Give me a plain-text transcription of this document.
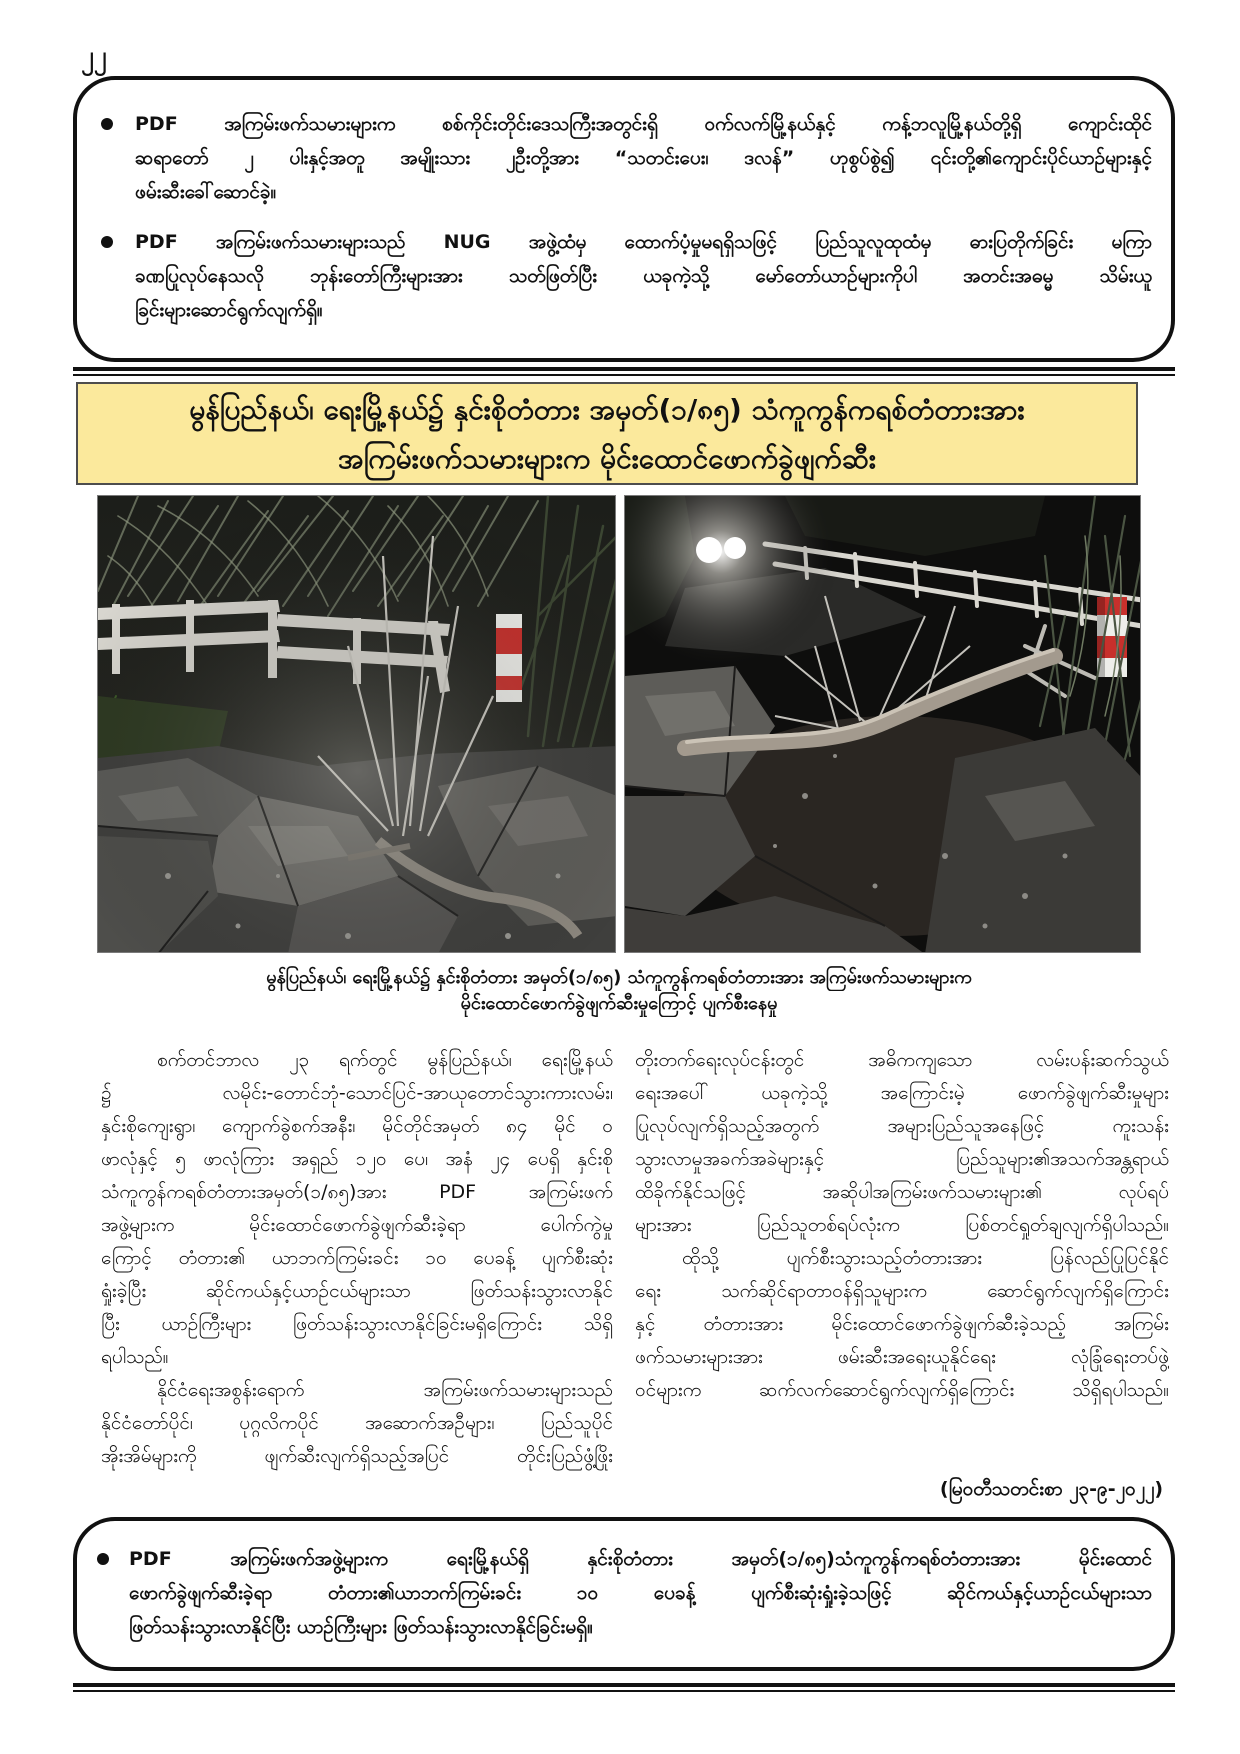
၂၂
PDF အကြမ်းဖက်သမားများက စစ်ကိုင်းတိုင်းဒေသကြီးအတွင်းရှိ ဝက်လက်မြို့နယ်နှင့် ကန့်ဘလူမြို့နယ်တို့ရှိ ကျောင်းထိုင်
ဆရာတော် ၂ ပါးနှင့်အတူ အမျိုးသား ၂ဦးတို့အား “သတင်းပေး၊ ဒလန်” ဟုစွပ်စွဲ၍ ၎င်းတို့၏ကျောင်းပိုင်ယာဉ်များနှင့်
ဖမ်းဆီးခေါ်ဆောင်ခဲ့။
PDF အကြမ်းဖက်သမားများသည် NUG အဖွဲ့ထံမှ ထောက်ပံ့မှုမရရှိသဖြင့် ပြည်သူလူထုထံမှ ဓားပြတိုက်ခြင်း မကြာ
ခဏပြုလုပ်နေသလို ဘုန်းတော်ကြီးများအား သတ်ဖြတ်ပြီး ယခုကဲ့သို့ မော်တော်ယာဉ်များကိုပါ အတင်းအဓမ္မ သိမ်းယူ
ခြင်းများဆောင်ရွက်လျက်ရှိ။
မွန်ပြည်နယ်၊ ရေးမြို့နယ်၌ နှင်းစိုတံတား အမှတ်(၁/၈၅) သံကူကွန်ကရစ်တံတားအား
အကြမ်းဖက်သမားများက မိုင်းထောင်ဖောက်ခွဲဖျက်ဆီး
မွန်ပြည်နယ်၊ ရေးမြို့နယ်၌ နှင်းစိုတံတား အမှတ်(၁/၈၅) သံကူကွန်ကရစ်တံတားအား အကြမ်းဖက်သမားများက
မိုင်းထောင်ဖောက်ခွဲဖျက်ဆီးမှုကြောင့် ပျက်စီးနေမှု
စက်တင်ဘာလ ၂၃ ရက်တွင် မွန်ပြည်နယ်၊ ရေးမြို့နယ်
၌ လမိုင်း-တောင်ဘုံ-သောင်ပြင်-အာယုတောင်သွားကားလမ်း၊
နှင်းစိုကျေးရွာ၊ ကျောက်ခွဲစက်အနီး၊ မိုင်တိုင်အမှတ် ၈၄ မိုင် ၀
ဖာလုံနှင့် ၅ ဖာလုံကြား အရှည် ၁၂၀ ပေ၊ အနံ ၂၄ ပေရှိ နှင်းစို
သံကူကွန်ကရစ်တံတားအမှတ်(၁/၈၅)အား PDF အကြမ်းဖက်
အဖွဲ့များက မိုင်းထောင်ဖောက်ခွဲဖျက်ဆီးခဲ့ရာ ပေါက်ကွဲမှု
ကြောင့် တံတား၏ ယာဘက်ကြမ်းခင်း ၁၀ ပေခန့် ပျက်စီးဆုံး
ရှုံးခဲ့ပြီး ဆိုင်ကယ်နှင့်ယာဉ်ငယ်များသာ ဖြတ်သန်းသွားလာနိုင်
ပြီး ယာဉ်ကြီးများ ဖြတ်သန်းသွားလာနိုင်ခြင်းမရှိကြောင်း သိရှိ
ရပါသည်။
နိုင်ငံရေးအစွန်းရောက် အကြမ်းဖက်သမားများသည်
နိုင်ငံတော်ပိုင်၊ ပုဂ္ဂလိကပိုင် အဆောက်အဦများ၊ ပြည်သူပိုင်
အိုးအိမ်များကို ဖျက်ဆီးလျက်ရှိသည့်အပြင် တိုင်းပြည်ဖွံ့ဖြိုး
တိုးတက်ရေးလုပ်ငန်းတွင် အဓိကကျသော လမ်းပန်းဆက်သွယ်
ရေးအပေါ် ယခုကဲ့သို့ အကြောင်းမဲ့ ဖောက်ခွဲဖျက်ဆီးမှုများ
ပြုလုပ်လျက်ရှိသည့်အတွက် အများပြည်သူအနေဖြင့် ကူးသန်း
သွားလာမှုအခက်အခဲများနှင့် ပြည်သူများ၏အသက်အန္တရာယ်
ထိခိုက်နိုင်သဖြင့် အဆိုပါအကြမ်းဖက်သမားများ၏ လုပ်ရပ်
များအား ပြည်သူတစ်ရပ်လုံးက ပြစ်တင်ရှုတ်ချလျက်ရှိပါသည်။
ထိုသို့ ပျက်စီးသွားသည့်တံတားအား ပြန်လည်ပြုပြင်နိုင်
ရေး သက်ဆိုင်ရာတာဝန်ရှိသူများက ဆောင်ရွက်လျက်ရှိကြောင်း
နှင့် တံတားအား မိုင်းထောင်ဖောက်ခွဲဖျက်ဆီးခဲ့သည့် အကြမ်း
ဖက်သမားများအား ဖမ်းဆီးအရေးယူနိုင်ရေး လုံခြုံရေးတပ်ဖွဲ့
ဝင်များက ဆက်လက်ဆောင်ရွက်လျက်ရှိကြောင်း သိရှိရပါသည်။
(မြဝတီသတင်းစာ ၂၃-၉-၂၀၂၂)
PDF အကြမ်းဖက်အဖွဲ့များက ရေးမြို့နယ်ရှိ နှင်းစိုတံတား အမှတ်(၁/၈၅)သံကူကွန်ကရစ်တံတားအား မိုင်းထောင်
ဖောက်ခွဲဖျက်ဆီးခဲ့ရာ တံတား၏ယာဘက်ကြမ်းခင်း ၁၀ ပေခန့် ပျက်စီးဆုံးရှုံးခဲ့သဖြင့် ဆိုင်ကယ်နှင့်ယာဉ်ငယ်များသာ
ဖြတ်သန်းသွားလာနိုင်ပြီး ယာဉ်ကြီးများ ဖြတ်သန်းသွားလာနိုင်ခြင်းမရှိ။
